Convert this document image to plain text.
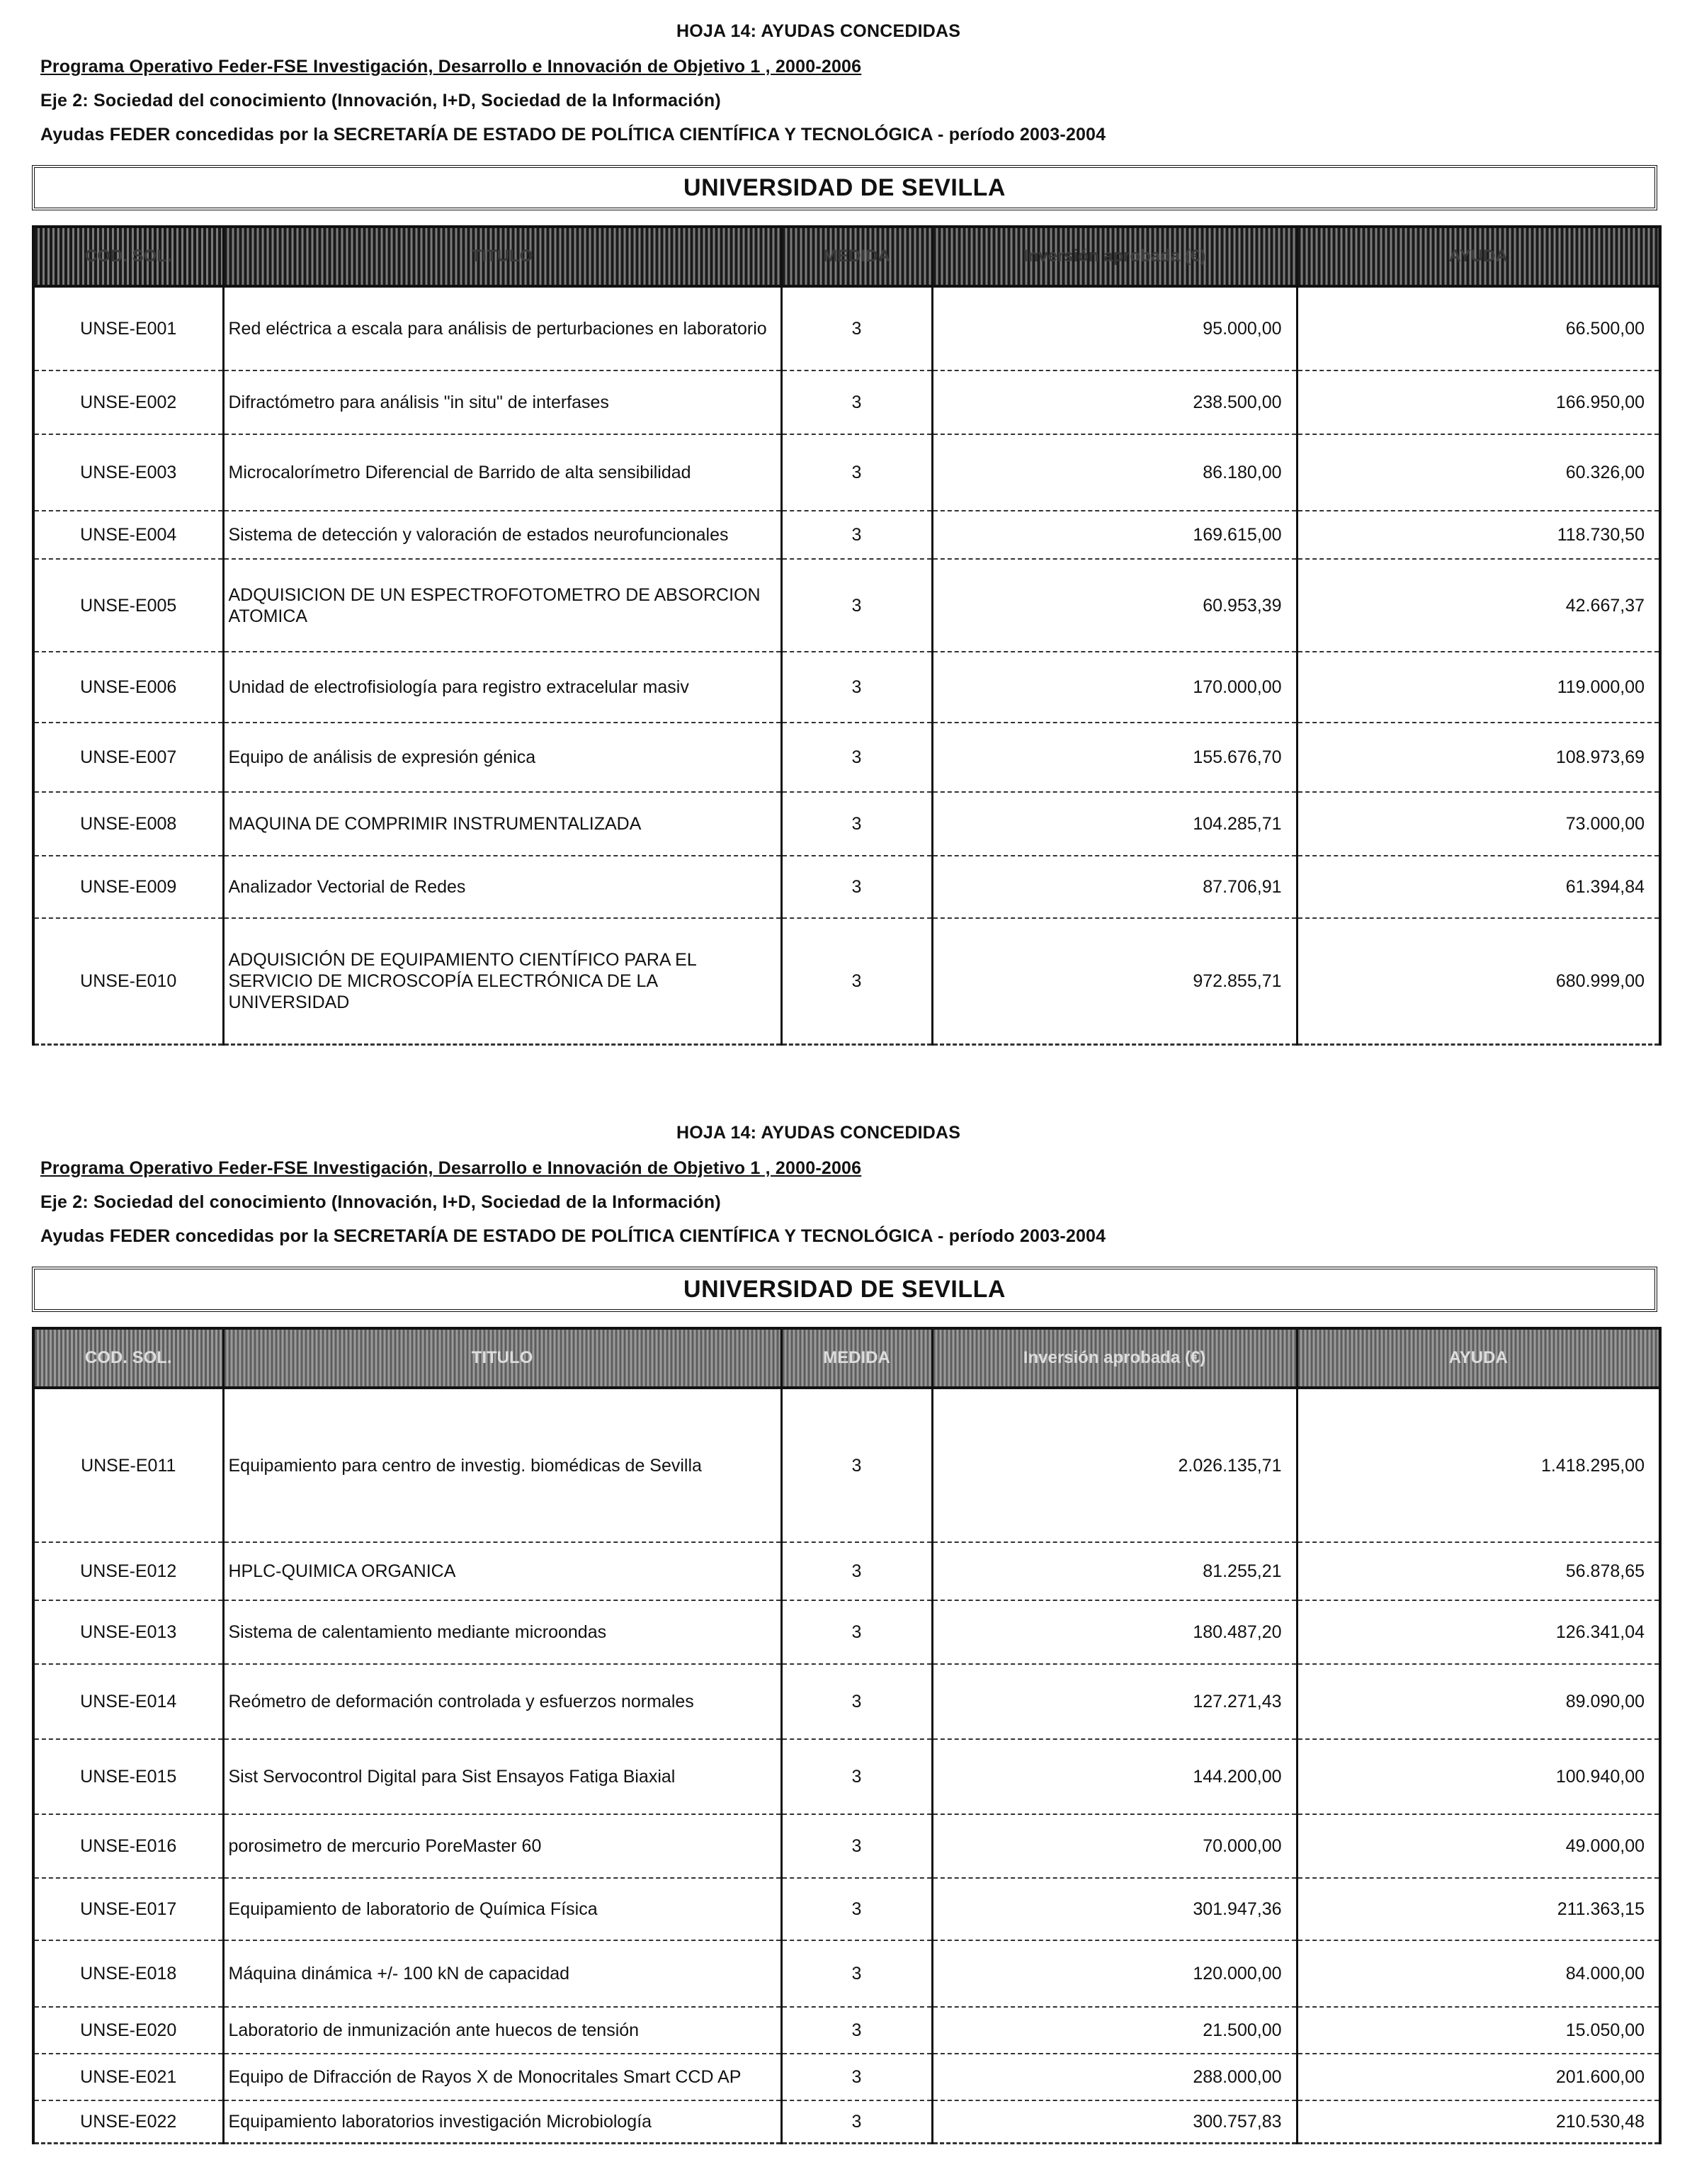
HOJA 14: AYUDAS CONCEDIDAS
Programa Operativo Feder-FSE Investigación, Desarrollo e Innovación de Objetivo 1 , 2000-2006
Eje 2: Sociedad del conocimiento (Innovación, I+D, Sociedad de la Información)
Ayudas FEDER concedidas por la SECRETARÍA DE ESTADO DE POLÍTICA CIENTÍFICA Y TECNOLÓGICA - período 2003-2004
UNIVERSIDAD DE SEVILLA
COD. SOL.	TITULO	MEDIDA	Inversión aprobada (€)	AYUDA
UNSE-E001	Red eléctrica a escala para análisis de perturbaciones en laboratorio	3	95.000,00	66.500,00
UNSE-E002	Difractómetro para análisis "in situ" de interfases	3	238.500,00	166.950,00
UNSE-E003	Microcalorímetro Diferencial de Barrido de alta sensibilidad	3	86.180,00	60.326,00
UNSE-E004	Sistema de detección y valoración de estados neurofuncionales	3	169.615,00	118.730,50
UNSE-E005	ADQUISICION DE UN ESPECTROFOTOMETRO DE ABSORCION ATOMICA	3	60.953,39	42.667,37
UNSE-E006	Unidad de electrofisiología para registro extracelular masiv	3	170.000,00	119.000,00
UNSE-E007	Equipo de análisis de expresión génica	3	155.676,70	108.973,69
UNSE-E008	MAQUINA DE COMPRIMIR INSTRUMENTALIZADA	3	104.285,71	73.000,00
UNSE-E009	Analizador Vectorial de Redes	3	87.706,91	61.394,84
UNSE-E010	ADQUISICIÓN DE EQUIPAMIENTO CIENTÍFICO PARA EL SERVICIO DE MICROSCOPÍA ELECTRÓNICA DE LA UNIVERSIDAD	3	972.855,71	680.999,00
HOJA 14: AYUDAS CONCEDIDAS
Programa Operativo Feder-FSE Investigación, Desarrollo e Innovación de Objetivo 1 , 2000-2006
Eje 2: Sociedad del conocimiento (Innovación, I+D, Sociedad de la Información)
Ayudas FEDER concedidas por la SECRETARÍA DE ESTADO DE POLÍTICA CIENTÍFICA Y TECNOLÓGICA - período 2003-2004
UNIVERSIDAD DE SEVILLA
COD. SOL.	TITULO	MEDIDA	Inversión aprobada (€)	AYUDA
UNSE-E011	Equipamiento para centro de investig. biomédicas de Sevilla	3	2.026.135,71	1.418.295,00
UNSE-E012	HPLC-QUIMICA ORGANICA	3	81.255,21	56.878,65
UNSE-E013	Sistema de calentamiento mediante microondas	3	180.487,20	126.341,04
UNSE-E014	Reómetro de deformación controlada y esfuerzos normales	3	127.271,43	89.090,00
UNSE-E015	Sist Servocontrol Digital para Sist Ensayos Fatiga Biaxial	3	144.200,00	100.940,00
UNSE-E016	porosimetro de mercurio PoreMaster 60	3	70.000,00	49.000,00
UNSE-E017	Equipamiento de laboratorio de Química Física	3	301.947,36	211.363,15
UNSE-E018	Máquina dinámica +/- 100 kN de capacidad	3	120.000,00	84.000,00
UNSE-E020	Laboratorio de inmunización ante huecos de tensión	3	21.500,00	15.050,00
UNSE-E021	Equipo de Difracción de Rayos X de Monocritales Smart CCD AP	3	288.000,00	201.600,00
UNSE-E022	Equipamiento laboratorios investigación Microbiología	3	300.757,83	210.530,48
